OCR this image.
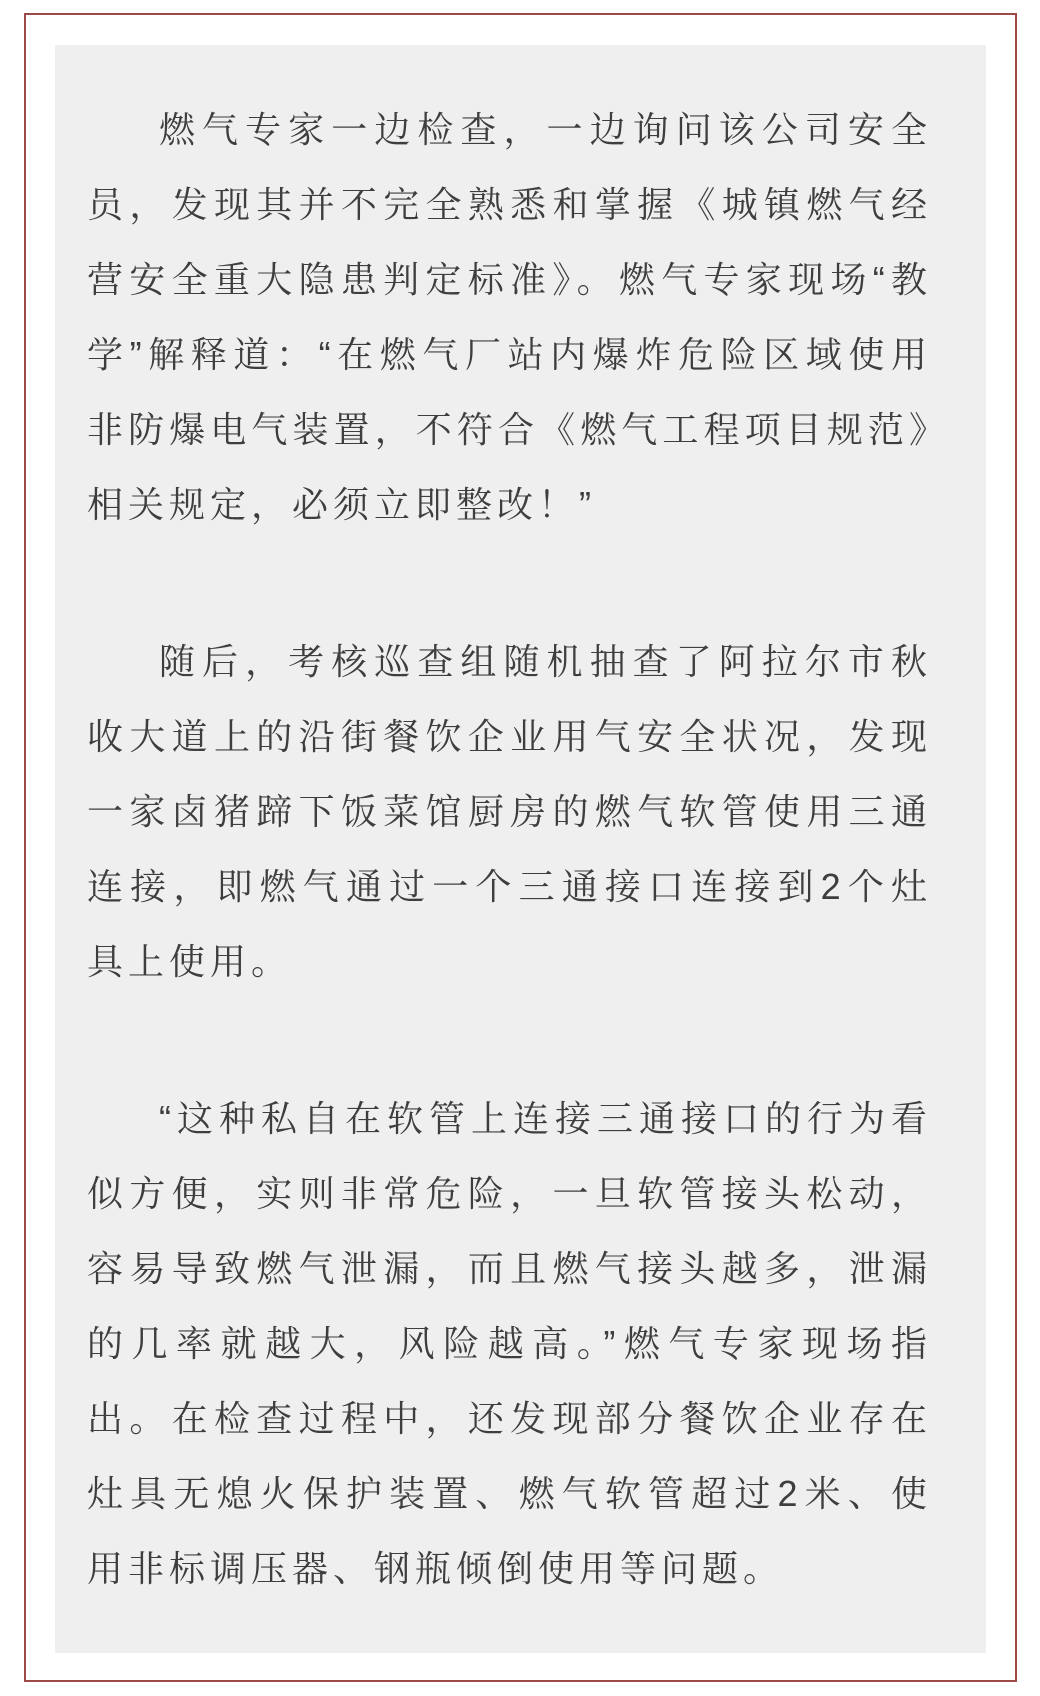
燃气专家一边检查，一边询问该公司安全员，发现其并不完全熟悉和掌握《城镇燃气经营安全重大隐患判定标准》。燃气专家现场“教学”解释道：“在燃气厂站内爆炸危险区域使用非防爆电气装置，不符合《燃气工程项目规范》相关规定，必须立即整改！”

随后，考核巡查组随机抽查了阿拉尔市秋收大道上的沿街餐饮企业用气安全状况，发现一家卤猪蹄下饭菜馆厨房的燃气软管使用三通连接，即燃气通过一个三通接口连接到2个灶具上使用。

“这种私自在软管上连接三通接口的行为看似方便，实则非常危险，一旦软管接头松动，容易导致燃气泄漏，而且燃气接头越多，泄漏的几率就越大，风险越高。”燃气专家现场指出。在检查过程中，还发现部分餐饮企业存在灶具无熄火保护装置、燃气软管超过2米、使用非标调压器、钢瓶倾倒使用等问题。
